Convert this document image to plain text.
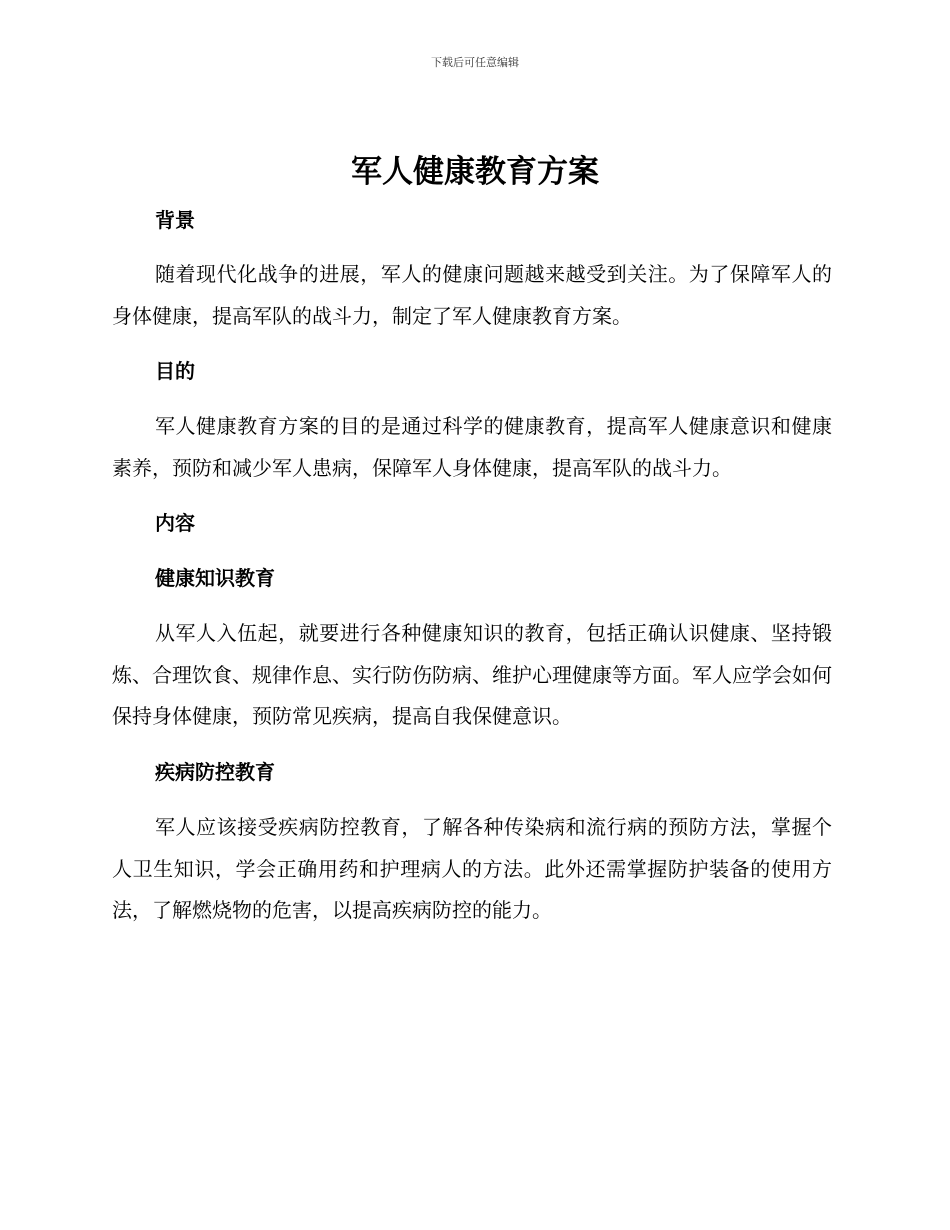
下载后可任意编辑
军人健康教育方案
背景

随着现代化战争的进展，军人的健康问题越来越受到关注。为了保障军人的身体健康，提高军队的战斗力，制定了军人健康教育方案。

目的

军人健康教育方案的目的是通过科学的健康教育，提高军人健康意识和健康素养，预防和减少军人患病，保障军人身体健康，提高军队的战斗力。

内容
健康知识教育

从军人入伍起，就要进行各种健康知识的教育，包括正确认识健康、坚持锻炼、合理饮食、规律作息、实行防伤防病、维护心理健康等方面。军人应学会如何保持身体健康，预防常见疾病，提高自我保健意识。

疾病防控教育

军人应该接受疾病防控教育，了解各种传染病和流行病的预防方法，掌握个人卫生知识，学会正确用药和护理病人的方法。此外还需掌握防护装备的使用方法，了解燃烧物的危害，以提高疾病防控的能力。
